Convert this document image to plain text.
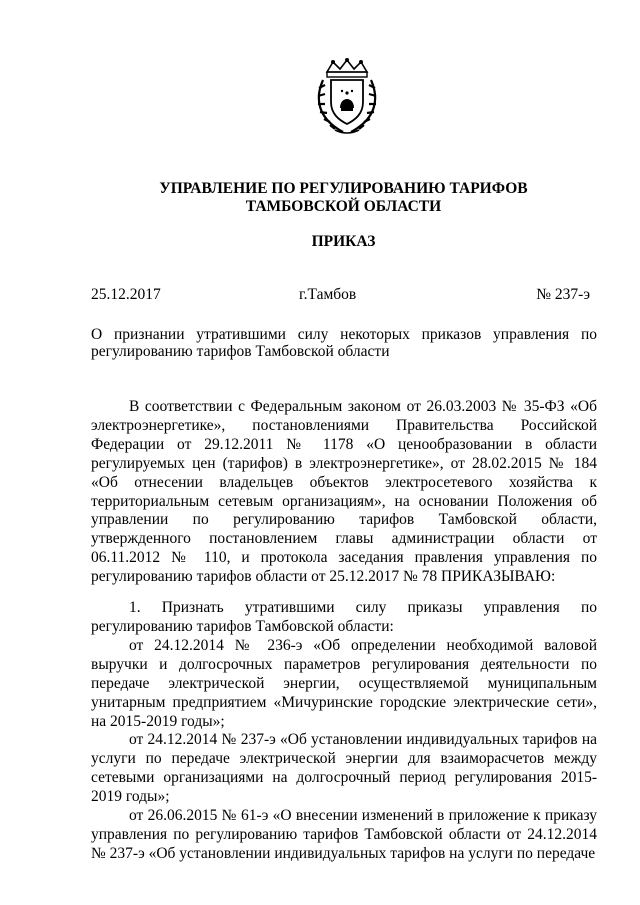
УПРАВЛЕНИЕ ПО РЕГУЛИРОВАНИЮ ТАРИФОВ
ТАМБОВСКОЙ ОБЛАСТИ
ПРИКАЗ
25.12.2017	г.Тамбов	№ 237-э
О признании утратившими силу некоторых приказов управления по регулированию тарифов Тамбовской области

В соответствии с Федеральным законом от 26.03.2003 № 35-ФЗ «Об электроэнергетике», постановлениями Правительства Российской Федерации от 29.12.2011 № 1178 «О ценообразовании в области регулируемых цен (тарифов) в электроэнергетике», от 28.02.2015 № 184 «Об отнесении владельцев объектов электросетевого хозяйства к территориальным сетевым организациям», на основании Положения об управлении по регулированию тарифов Тамбовской области, утвержденного постановлением главы администрации области от 06.11.2012 № 110, и протокола заседания правления управления по регулированию тарифов области от 25.12.2017 № 78 ПРИКАЗЫВАЮ:

1. Признать утратившими силу приказы управления по регулированию тарифов Тамбовской области:

от 24.12.2014 № 236-э «Об определении необходимой валовой выручки и долгосрочных параметров регулирования деятельности по передаче электрической энергии, осуществляемой муниципальным унитарным предприятием «Мичуринские городские электрические сети», на 2015-2019 годы»;

от 24.12.2014 № 237-э «Об установлении индивидуальных тарифов на услуги по передаче электрической энергии для взаиморасчетов между сетевыми организациями на долгосрочный период регулирования 2015-2019 годы»;

от 26.06.2015 № 61-э «О внесении изменений в приложение к приказу управления по регулированию тарифов Тамбовской области от 24.12.2014 № 237-э «Об установлении индивидуальных тарифов на услуги по передаче
